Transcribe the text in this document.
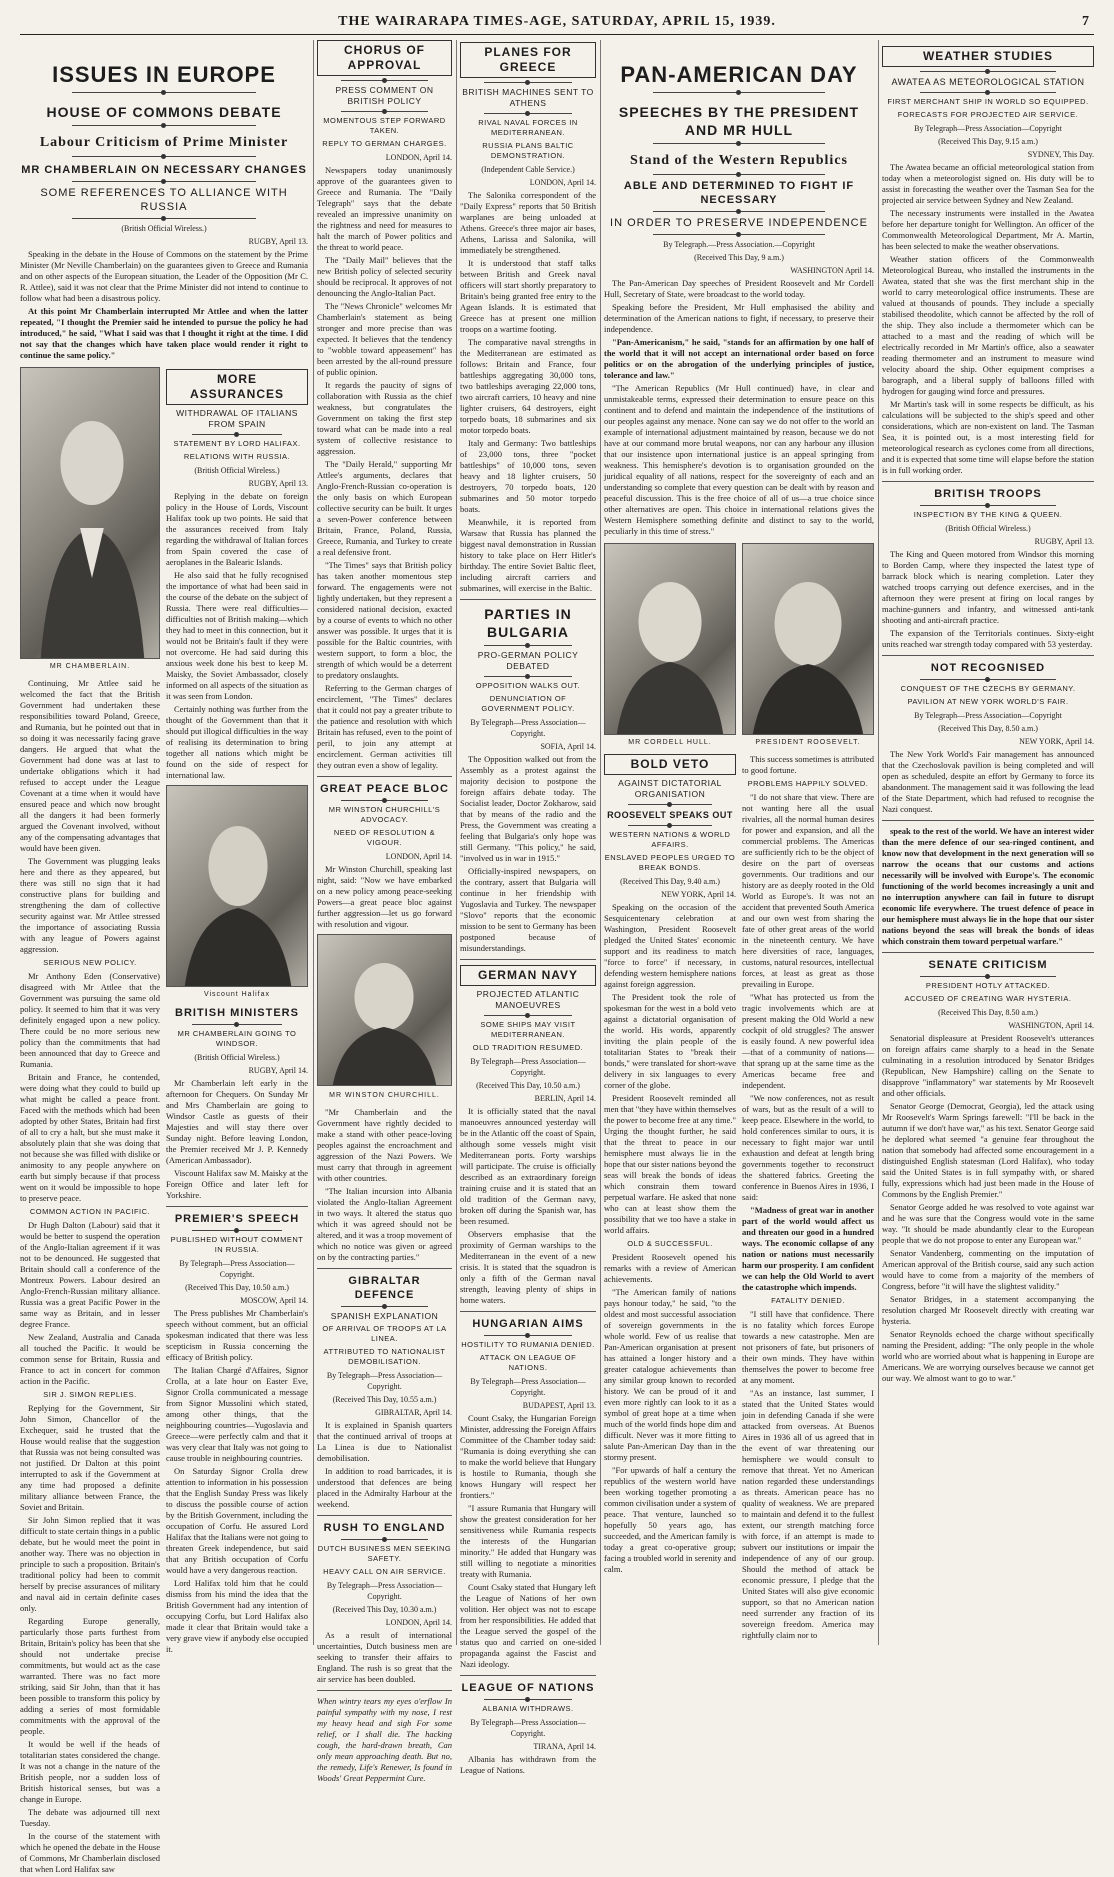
THE WAIRARAPA TIMES-AGE, SATURDAY, APRIL 15, 1939.	7
ISSUES IN EUROPE
HOUSE OF COMMONS DEBATE
Labour Criticism of Prime Minister
MR CHAMBERLAIN ON NECESSARY CHANGES
SOME REFERENCES TO ALLIANCE WITH RUSSIA
(British Official Wireless.)
RUGBY, April 13.

Speaking in the debate in the House of Commons on the statement by the Prime Minister (Mr Neville Chamberlain) on the guarantees given to Greece and Rumania and on other aspects of the European situation, the Leader of the Opposition (Mr C. R. Attlee), said it was not clear that the Prime Minister did not intend to continue to follow what had been a disastrous policy.

At this point Mr Chamberlain interrupted Mr Attlee and when the latter repeated, "I thought the Premier said he intended to pursue the policy he had introduced," he said, "What I said was that I thought it right at the time. I did not say that the changes which have taken place would render it right to continue the same policy."

MR CHAMBERLAIN.

Continuing, Mr Attlee said he welcomed the fact that the British Government had undertaken these responsibilities toward Poland, Greece, and Rumania, but he pointed out that in so doing it was necessarily facing grave dangers. He argued that what the Government had done was at last to undertake obligations which it had refused to accept under the League Covenant at a time when it would have ensured peace and which now brought all the dangers it had been formerly argued the Covenant involved, without any of the compensating advantages that would have been given.

The Government was plugging leaks here and there as they appeared, but there was still no sign that it had constructive plans for building and strengthening the dam of collective security against war. Mr Attlee stressed the importance of associating Russia with any league of Powers against aggression.

SERIOUS NEW POLICY.

Mr Anthony Eden (Conservative) disagreed with Mr Attlee that the Government was pursuing the same old policy. It seemed to him that it was very definitely engaged upon a new policy. There could be no more serious new policy than the commitments that had been announced that day to Greece and Rumania.

Britain and France, he contended, were doing what they could to build up what might be called a peace front. Faced with the methods which had been adopted by other States, Britain had first of all to cry a halt, but she must make it absolutely plain that she was doing that not because she was filled with dislike or animosity to any people anywhere on earth but simply because if that process went on it would be impossible to hope to preserve peace.

COMMON ACTION IN PACIFIC.

Dr Hugh Dalton (Labour) said that it would be better to suspend the operation of the Anglo-Italian agreement if it was not to be denounced. He suggested that Britain should call a conference of the Montreux Powers. Labour desired an Anglo-French-Russian military alliance. Russia was a great Pacific Power in the same way as Britain, and in lesser degree France.

New Zealand, Australia and Canada all touched the Pacific. It would be common sense for Britain, Russia and France to act in concert for common action in the Pacific.

SIR J. SIMON REPLIES.

Replying for the Government, Sir John Simon, Chancellor of the Exchequer, said he trusted that the House would realise that the suggestion that Russia was not being consulted was not justified. Dr Dalton at this point interrupted to ask if the Government at any time had proposed a definite military alliance between France, the Soviet and Britain.

Sir John Simon replied that it was difficult to state certain things in a public debate, but he would meet the point in another way. There was no objection in principle to such a proposition. Britain's traditional policy had been to commit herself by precise assurances of military and naval aid in certain definite cases only.

Regarding Europe generally, particularly those parts furthest from Britain, Britain's policy has been that she should not undertake precise commitments, but would act as the case warranted. There was no fact more striking, said Sir John, than that it has been possible to transform this policy by adding a series of most formidable commitments with the approval of the people.

It would be well if the heads of totalitarian states considered the change. It was not a change in the nature of the British people, nor a sudden loss of British historical senses, but was a change in Europe.

The debate was adjourned till next Tuesday.

In the course of the statement with which he opened the debate in the House of Commons, Mr Chamberlain disclosed that when Lord Halifax saw

MORE ASSURANCES
WITHDRAWAL OF ITALIANS FROM SPAIN
STATEMENT BY LORD HALIFAX.
RELATIONS WITH RUSSIA.
(British Official Wireless.)
RUGBY, April 13.

Replying in the debate on foreign policy in the House of Lords, Viscount Halifax took up two points. He said that the assurances received from Italy regarding the withdrawal of Italian forces from Spain covered the case of aeroplanes in the Balearic Islands.

He also said that he fully recognised the importance of what had been said in the course of the debate on the subject of Russia. There were real difficulties—difficulties not of British making—which they had to meet in this connection, but it would not be Britain's fault if they were not overcome. He had said during this anxious week done his best to keep M. Maisky, the Soviet Ambassador, closely informed on all aspects of the situation as it was seen from London.

Certainly nothing was further from the thought of the Government than that it should put illogical difficulties in the way of realising its determination to bring together all nations which might be found on the side of respect for international law.

Viscount Halifax
BRITISH MINISTERS
MR CHAMBERLAIN GOING TO WINDSOR.
(British Official Wireless.)
RUGBY, April 14.

Mr Chamberlain left early in the afternoon for Chequers. On Sunday Mr and Mrs Chamberlain are going to Windsor Castle as guests of their Majesties and will stay there over Sunday night. Before leaving London, the Premier received Mr J. P. Kennedy (American Ambassador).

Viscount Halifax saw M. Maisky at the Foreign Office and later left for Yorkshire.

PREMIER'S SPEECH
PUBLISHED WITHOUT COMMENT IN RUSSIA.
By Telegraph—Press Association—Copyright.
(Received This Day, 10.50 a.m.)
MOSCOW, April 14.

The Press publishes Mr Chamberlain's speech without comment, but an official spokesman indicated that there was less scepticism in Russia concerning the efficacy of British policy.

The Italian Chargé d'Affaires, Signor Crolla, at a late hour on Easter Eve, Signor Crolla communicated a message from Signor Mussolini which stated, among other things, that the neighbouring countries—Yugoslavia and Greece—were perfectly calm and that it was very clear that Italy was not going to cause trouble in neighbouring countries.

On Saturday Signor Crolla drew attention to information in his possession that the English Sunday Press was likely to discuss the possible course of action by the British Government, including the occupation of Corfu. He assured Lord Halifax that the Italians were not going to threaten Greek independence, but said that any British occupation of Corfu would have a very dangerous reaction.

Lord Halifax told him that he could dismiss from his mind the idea that the British Government had any intention of occupying Corfu, but Lord Halifax also made it clear that Britain would take a very grave view if anybody else occupied it.

CHORUS OF APPROVAL
PRESS COMMENT ON BRITISH POLICY
MOMENTOUS STEP FORWARD TAKEN.
REPLY TO GERMAN CHARGES.
LONDON, April 14.

Newspapers today unanimously approve of the guarantees given to Greece and Rumania. The "Daily Telegraph" says that the debate revealed an impressive unanimity on the rightness and need for measures to halt the march of Power politics and the threat to world peace.

The "Daily Mail" believes that the new British policy of selected security should be reciprocal. It approves of not denouncing the Anglo-Italian Pact.

The "News Chronicle" welcomes Mr Chamberlain's statement as being stronger and more precise than was expected. It believes that the tendency to "wobble toward appeasement" has been arrested by the all-round pressure of public opinion.

It regards the paucity of signs of collaboration with Russia as the chief weakness, but congratulates the Government on taking the first step toward what can be made into a real system of collective resistance to aggression.

The "Daily Herald," supporting Mr Attlee's arguments, declares that Anglo-French-Russian co-operation is the only basis on which European collective security can be built. It urges a seven-Power conference between Britain, France, Poland, Russia, Greece, Rumania, and Turkey to create a real defensive front.

"The Times" says that British policy has taken another momentous step forward. The engagements were not lightly undertaken, but they represent a considered national decision, exacted by a course of events to which no other answer was possible. It urges that it is possible for the Baltic countries, with western support, to form a bloc, the strength of which would be a deterrent to predatory onslaughts.

Referring to the German charges of encirclement, "The Times" declares that it could not pay a greater tribute to the patience and resolution with which Britain has refused, even to the point of peril, to join any attempt at encirclement. German activities till they outran even a show of legality.

GREAT PEACE BLOC
MR WINSTON CHURCHILL'S ADVOCACY.
NEED OF RESOLUTION & VIGOUR.
LONDON, April 14.

Mr Winston Churchill, speaking last night, said: "Now we have embarked on a new policy among peace-seeking Powers—a great peace bloc against further aggression—let us go forward with resolution and vigour.

MR WINSTON CHURCHILL.

"Mr Chamberlain and the Government have rightly decided to make a stand with other peace-loving peoples against the encroachment and aggression of the Nazi Powers. We must carry that through in agreement with other countries.

"The Italian incursion into Albania violated the Anglo-Italian Agreement in two ways. It altered the status quo which it was agreed should not be altered, and it was a troop movement of which no notice was given or agreed on by the contracting parties."

GIBRALTAR DEFENCE
SPANISH EXPLANATION
OF ARRIVAL OF TROOPS AT LA LINEA.
ATTRIBUTED TO NATIONALIST DEMOBILISATION.
By Telegraph—Press Association—Copyright.
(Received This Day, 10.55 a.m.)
GIBRALTAR, April 14.

It is explained in Spanish quarters that the continued arrival of troops at La Linea is due to Nationalist demobilisation.

In addition to road barricades, it is understood that defences are being placed in the Admiralty Harbour at the weekend.

RUSH TO ENGLAND
DUTCH BUSINESS MEN SEEKING SAFETY.
HEAVY CALL ON AIR SERVICE.
By Telegraph—Press Association—Copyright.
(Received This Day, 10.30 a.m.)
LONDON, April 14.

As a result of international uncertainties, Dutch business men are seeking to transfer their affairs to England. The rush is so great that the air service has been doubled.

When wintry tears my eyes o'erflow In painful sympathy with my nose, I rest my heavy head and sigh For some relief, or I shall die. The hacking cough, the hard-drawn breath, Can only mean approaching death. But no, the remedy, Life's Renewer, Is found in Woods' Great Peppermint Cure.

PLANES FOR GREECE
BRITISH MACHINES SENT TO ATHENS
RIVAL NAVAL FORCES IN MEDITERRANEAN.
RUSSIA PLANS BALTIC DEMONSTRATION.
(Independent Cable Service.)
LONDON, April 14.

The Salonika correspondent of the "Daily Express" reports that 50 British warplanes are being unloaded at Athens. Greece's three major air bases, Athens, Larissa and Salonika, will immediately be strengthened.

It is understood that staff talks between British and Greek naval officers will start shortly preparatory to Britain's being granted free entry to the Agean Islands. It is estimated that Greece has at present one million troops on a wartime footing.

The comparative naval strengths in the Mediterranean are estimated as follows: Britain and France, four battleships aggregating 30,000 tons, two battleships averaging 22,000 tons, two aircraft carriers, 10 heavy and nine lighter cruisers, 64 destroyers, eight torpedo boats, 18 submarines and six motor torpedo boats.

Italy and Germany: Two battleships of 23,000 tons, three "pocket battleships" of 10,000 tons, seven heavy and 18 lighter cruisers, 50 destroyers, 70 torpedo boats, 120 submarines and 50 motor torpedo boats.

Meanwhile, it is reported from Warsaw that Russia has planned the biggest naval demonstration in Russian history to take place on Herr Hitler's birthday. The entire Soviet Baltic fleet, including aircraft carriers and submarines, will exercise in the Baltic.

PARTIES IN BULGARIA
PRO-GERMAN POLICY DEBATED
OPPOSITION WALKS OUT.
DENUNCIATION OF GOVERNMENT POLICY.
By Telegraph—Press Association—Copyright.
SOFIA, April 14.

The Opposition walked out from the Assembly as a protest against the majority decision to postpone the foreign affairs debate today. The Socialist leader, Doctor Zokharow, said that by means of the radio and the Press, the Government was creating a feeling that Bulgaria's only hope was still Germany. "This policy," he said, "involved us in war in 1915."

Officially-inspired newspapers, on the contrary, assert that Bulgaria will continue in her friendship with Yugoslavia and Turkey. The newspaper "Slovo" reports that the economic mission to be sent to Germany has been postponed because of misunderstandings.

GERMAN NAVY
PROJECTED ATLANTIC MANOEUVRES
SOME SHIPS MAY VISIT MEDITERRANEAN.
OLD TRADITION RESUMED.
By Telegraph—Press Association—Copyright.
(Received This Day, 10.50 a.m.)
BERLIN, April 14.

It is officially stated that the naval manoeuvres announced yesterday will be in the Atlantic off the coast of Spain, although some vessels might visit Mediterranean ports. Forty warships will participate. The cruise is officially described as an extraordinary foreign training cruise and it is stated that an old tradition of the German navy, broken off during the Spanish war, has been resumed.

Observers emphasise that the proximity of German warships to the Mediterranean in the event of a new crisis. It is stated that the squadron is only a fifth of the German naval strength, leaving plenty of ships in home waters.

HUNGARIAN AIMS
HOSTILITY TO RUMANIA DENIED.
ATTACK ON LEAGUE OF NATIONS.
By Telegraph—Press Association—Copyright.
BUDAPEST, April 13.

Count Csaky, the Hungarian Foreign Minister, addressing the Foreign Affairs Committee of the Chamber today said: "Rumania is doing everything she can to make the world believe that Hungary is hostile to Rumania, though she knows Hungary will respect her frontiers."

"I assure Rumania that Hungary will show the greatest consideration for her sensitiveness while Rumania respects the interests of the Hungarian minority." He added that Hungary was still willing to negotiate a minorities treaty with Rumania.

Count Csaky stated that Hungary left the League of Nations of her own volition. Her object was not to escape from her responsibilities. He added that the League served the gospel of the status quo and carried on one-sided propaganda against the Fascist and Nazi ideology.

LEAGUE OF NATIONS
ALBANIA WITHDRAWS.
By Telegraph—Press Association—Copyright.
TIRANA, April 14.

Albania has withdrawn from the League of Nations.

PAN-AMERICAN DAY
SPEECHES BY THE PRESIDENT AND MR HULL
Stand of the Western Republics
ABLE AND DETERMINED TO FIGHT IF NECESSARY
IN ORDER TO PRESERVE INDEPENDENCE
By Telegraph.—Press Association.—Copyright
(Received This Day, 9 a.m.)
WASHINGTON April 14.

The Pan-American Day speeches of President Roosevelt and Mr Cordell Hull, Secretary of State, were broadcast to the world today.

Speaking before the President, Mr Hull emphasised the ability and determination of the American nations to fight, if necessary, to preserve their independence.

"Pan-Americanism," he said, "stands for an affirmation by one half of the world that it will not accept an international order based on force politics or on the abrogation of the underlying principles of justice, tolerance and law."

"The American Republics (Mr Hull continued) have, in clear and unmistakeable terms, expressed their determination to ensure peace on this continent and to defend and maintain the independence of the institutions of our peoples against any menace. None can say we do not offer to the world an example of international adjustment maintained by reason, because we do not have at our command more brutal weapons, nor can any harbour any illusion that our insistence upon international justice is an appeal springing from weakness. This hemisphere's devotion is to organisation grounded on the juridical equality of all nations, respect for the sovereignty of each and an understanding so complete that every question can be dealt with by reason and peaceful discussion. This is the free choice of all of us—a true choice since other alternatives are open. This choice in international relations gives the Western Hemisphere something definite and distinct to say to the world, peculiarly in this time of stress."

MR CORDELL HULL.
BOLD VETO
AGAINST DICTATORIAL ORGANISATION
ROOSEVELT SPEAKS OUT
WESTERN NATIONS & WORLD AFFAIRS.
ENSLAVED PEOPLES URGED TO BREAK BONDS.
(Received This Day, 9.40 a.m.)
NEW YORK, April 14.

Speaking on the occasion of the Sesquicentenary celebration at Washington, President Roosevelt pledged the United States' economic support and its readiness to match "force to force" if necessary, in defending western hemisphere nations against foreign aggression.

The President took the role of spokesman for the west in a bold veto against a dictatorial organisation of the world. His words, apparently inviting the plain people of the totalitarian States to "break their bonds," were translated for short-wave delivery in six languages to every corner of the globe.

President Roosevelt reminded all men that "they have within themselves the power to become free at any time." Urging the thought further, he said that the threat to peace in our hemisphere must always lie in the hope that our sister nations beyond the seas will break the bonds of ideas which constrain them toward perpetual warfare. He asked that none who can at least show them the possibility that we too have a stake in world affairs.

OLD & SUCCESSFUL.

President Roosevelt opened his remarks with a review of American achievements.

"The American family of nations pays honour today," he said, "to the oldest and most successful association of sovereign governments in the whole world. Few of us realise that Pan-American organisation at present has attained a longer history and a greater catalogue achievements than any similar group known to recorded history. We can be proud of it and even more rightly can look to it as a symbol of great hope at a time when much of the world finds hope dim and difficult. Never was it more fitting to salute Pan-American Day than in the stormy present.

"For upwards of half a century the republics of the western world have been working together promoting a common civilisation under a system of peace. That venture, launched so hopefully 50 years ago, has succeeded, and the American family is today a great co-operative group; facing a troubled world in serenity and calm.

PRESIDENT ROOSEVELT.

This success sometimes is attributed to good fortune.

PROBLEMS HAPPILY SOLVED.

"I do not share that view. There are not wanting here all the usual rivalries, all the normal human desires for power and expansion, and all the commercial problems. The Americas are sufficiently rich to be the object of desire on the part of overseas governments. Our traditions and our history are as deeply rooted in the Old World as Europe's. It was not an accident that prevented South America and our own west from sharing the fate of other great areas of the world in the nineteenth century. We have here diversities of race, languages, customs, natural resources, intellectual forces, at least as great as those prevailing in Europe.

"What has protected us from the tragic involvements which are at present making the Old World a new cockpit of old struggles? The answer is easily found. A new powerful idea—that of a community of nations—that sprang up at the same time as the Americas became free and independent.

"We now conferences, not as result of wars, but as the result of a will to keep peace. Elsewhere in the world, to hold conferences similar to ours, it is necessary to fight major war until exhaustion and defeat at length bring governments together to reconstruct the shattered fabrics. Greeting the conference in Buenos Aires in 1936, I said:

"Madness of great war in another part of the world would affect us and threaten our good in a hundred ways. The economic collapse of any nation or nations must necessarily harm our prosperity. I am confident we can help the Old World to avert the catastrophe which impends.

FATALITY DENIED.

"I still have that confidence. There is no fatality which forces Europe towards a new catastrophe. Men are not prisoners of fate, but prisoners of their own minds. They have within themselves the power to become free at any moment.

"As an instance, last summer, I stated that the United States would join in defending Canada if she were attacked from overseas. At Buenos Aires in 1936 all of us agreed that in the event of war threatening our hemisphere we would consult to remove that threat. Yet no American nation regarded these understandings as threats. American peace has no quality of weakness. We are prepared to maintain and defend it to the fullest extent, our strength matching force with force, if an attempt is made to subvert our institutions or impair the independence of any of our group. Should the method of attack be economic pressure, I pledge that the United States will also give economic support, so that no American nation need surrender any fraction of its sovereign freedom. America may rightfully claim nor to

WEATHER STUDIES
AWATEA AS METEOROLOGICAL STATION
FIRST MERCHANT SHIP IN WORLD SO EQUIPPED.
FORECASTS FOR PROJECTED AIR SERVICE.
By Telegraph—Press Association—Copyright
(Received This Day, 9.15 a.m.)
SYDNEY, This Day.

The Awatea became an official meteorological station from today when a meteorologist signed on. His duty will be to assist in forecasting the weather over the Tasman Sea for the projected air service between Sydney and New Zealand.

The necessary instruments were installed in the Awatea before her departure tonight for Wellington. An officer of the Commonwealth Meteorological Department, Mr A. Martin, has been selected to make the weather observations.

Weather station officers of the Commonwealth Meteorological Bureau, who installed the instruments in the Awatea, stated that she was the first merchant ship in the world to carry meteorological office instruments. These are valued at thousands of pounds. They include a specially stabilised theodolite, which cannot be affected by the roll of the ship. They also include a thermometer which can be attached to a mast and the reading of which will be electrically recorded in Mr Martin's office, also a seawater reading thermometer and an instrument to measure wind velocity aboard the ship. Other equipment comprises a barograph, and a liberal supply of balloons filled with hydrogen for gauging wind force and pressures.

Mr Martin's task will in some respects be difficult, as his calculations will be subjected to the ship's speed and other considerations, which are non-existent on land. The Tasman Sea, it is pointed out, is a most interesting field for meteorological research as cyclones come from all directions, and it is expected that some time will elapse before the station is in full working order.

BRITISH TROOPS
INSPECTION BY THE KING & QUEEN.
(British Official Wireless.)
RUGBY, April 13.

The King and Queen motored from Windsor this morning to Borden Camp, where they inspected the latest type of barrack block which is nearing completion. Later they watched troops carrying out defence exercises, and in the afternoon they were present at firing on local ranges by machine-gunners and infantry, and witnessed anti-tank shooting and anti-aircraft practice.

The expansion of the Territorials continues. Sixty-eight units reached war strength today compared with 53 yesterday.

NOT RECOGNISED
CONQUEST OF THE CZECHS BY GERMANY.
PAVILION AT NEW YORK WORLD'S FAIR.
By Telegraph—Press Association—Copyright
(Received This Day, 8.50 a.m.)
NEW YORK, April 14.

The New York World's Fair management has announced that the Czechoslovak pavilion is being completed and will open as scheduled, despite an effort by Germany to force its abandonment. The management said it was following the lead of the State Department, which had refused to recognise the Nazi conquest.

speak to the rest of the world. We have an interest wider than the mere defence of our sea-ringed continent, and know now that development in the next generation will so narrow the oceans that our customs and actions necessarily will be involved with Europe's. The economic functioning of the world becomes increasingly a unit and no interruption anywhere can fail in future to disrupt economic life everywhere. The truest defence of peace in our hemisphere must always lie in the hope that our sister nations beyond the seas will break the bonds of ideas which constrain them toward perpetual warfare."

SENATE CRITICISM
PRESIDENT HOTLY ATTACKED.
ACCUSED OF CREATING WAR HYSTERIA.
(Received This Day, 8.50 a.m.)
WASHINGTON, April 14.

Senatorial displeasure at President Roosevelt's utterances on foreign affairs came sharply to a head in the Senate culminating in a resolution introduced by Senator Bridges (Republican, New Hampshire) calling on the Senate to disapprove "inflammatory" war statements by Mr Roosevelt and other officials.

Senator George (Democrat, Georgia), led the attack using Mr Roosevelt's Warm Springs farewell: "I'll be back in the autumn if we don't have war," as his text. Senator George said he deplored what seemed "a genuine fear throughout the nation that somebody had affected some encouragement in a distinguished English statesman (Lord Halifax), who today said the United States is in full sympathy with, or shared fully, expressions which had just been made in the House of Commons by the English Premier."

Senator George added he was resolved to vote against war and he was sure that the Congress would vote in the same way. "It should be made abundantly clear to the European people that we do not propose to enter any European war."

Senator Vandenberg, commenting on the imputation of American approval of the British course, said any such action would have to come from a majority of the members of Congress, before "it will have the slightest validity."

Senator Bridges, in a statement accompanying the resolution charged Mr Roosevelt directly with creating war hysteria.

Senator Reynolds echoed the charge without specifically naming the President, adding: "The only people in the whole world who are worried about what is happening in Europe are Americans. We are worrying ourselves because we cannot get our way. We almost want to go to war."
